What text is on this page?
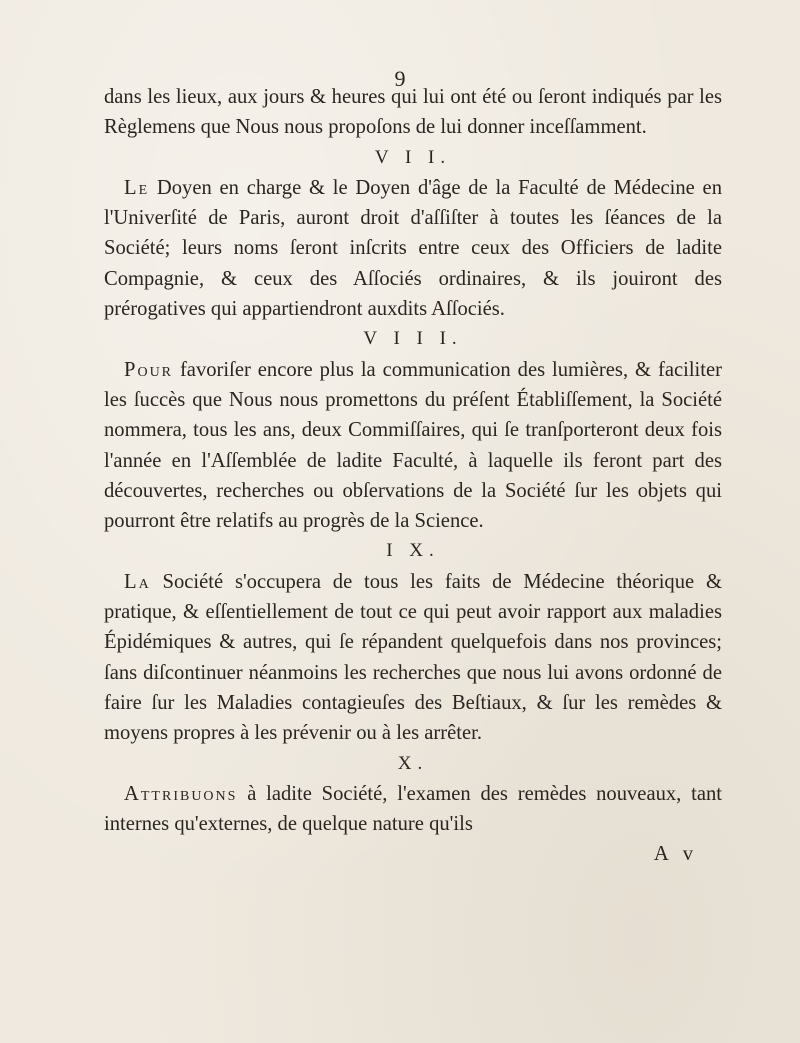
9

dans les lieux, aux jours & heures qui lui ont été ou ſeront indiqués par les Règlemens que Nous nous propoſons de lui donner inceſſamment.

V I I.

Le Doyen en charge & le Doyen d'âge de la Faculté de Médecine en l'Univerſité de Paris, auront droit d'aſſiſter à toutes les ſéances de la Société; leurs noms ſeront inſcrits entre ceux des Officiers de ladite Compagnie, & ceux des Aſſociés ordinaires, & ils jouiront des prérogatives qui appartiendront auxdits Aſſociés.

V I I I.

Pour favoriſer encore plus la communication des lumières, & faciliter les ſuccès que Nous nous promettons du préſent Établiſſement, la Société nommera, tous les ans, deux Commiſſaires, qui ſe tranſporteront deux fois l'année en l'Aſſemblée de ladite Faculté, à laquelle ils feront part des découvertes, recherches ou obſervations de la Société ſur les objets qui pourront être relatifs au progrès de la Science.

I X.

La Société s'occupera de tous les faits de Médecine théorique & pratique, & eſſentiellement de tout ce qui peut avoir rapport aux maladies Épidémiques & autres, qui ſe répandent quelquefois dans nos provinces; ſans diſcontinuer néanmoins les recherches que nous lui avons ordonné de faire ſur les Maladies contagieuſes des Beſtiaux, & ſur les remèdes & moyens propres à les prévenir ou à les arrêter.

X.

Attribuons à ladite Société, l'examen des remèdes nouveaux, tant internes qu'externes, de quelque nature qu'ils

A v
